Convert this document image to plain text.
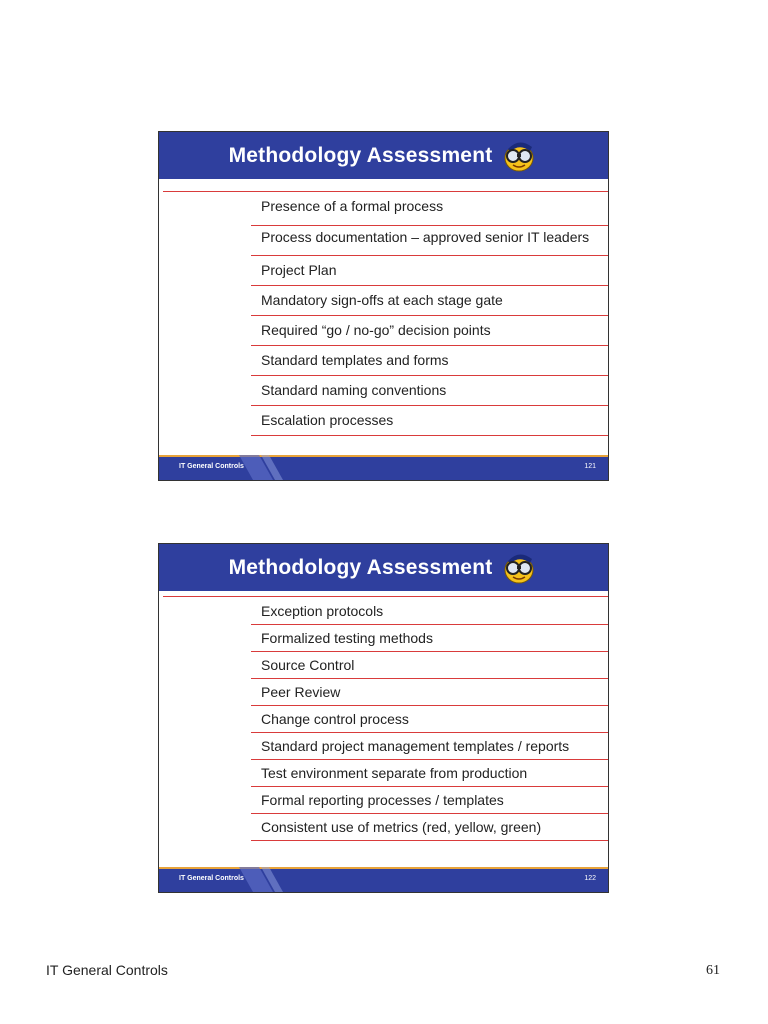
Methodology Assessment
Presence of a formal process
Process documentation – approved senior IT leaders
Project Plan
Mandatory sign-offs at each stage gate
Required “go / no-go” decision points
Standard templates and forms
Standard naming conventions
Escalation processes
IT General Controls	121
Methodology Assessment
Exception protocols
Formalized testing methods
Source Control
Peer Review
Change control process
Standard project management templates / reports
Test environment separate from production
Formal reporting processes / templates
Consistent use of metrics (red, yellow, green)
IT General Controls	122
IT General Controls	61
